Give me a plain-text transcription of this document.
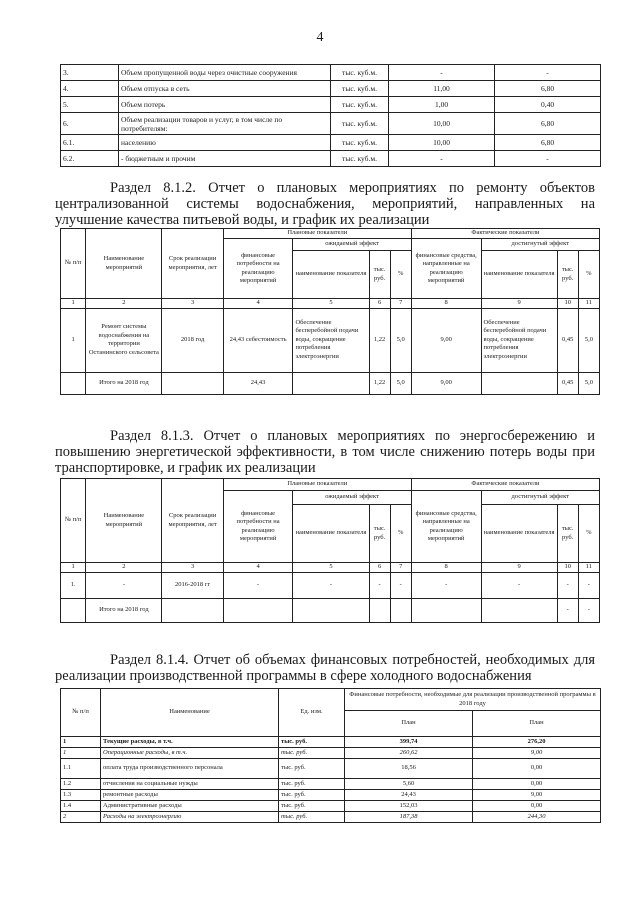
4
3.	Объем пропущенной воды через очистные сооружения	тыс. куб.м.	-	-
4.	Объем отпуска в сеть	тыс. куб.м.	11,00	6,80
5.	Объем потерь	тыс. куб.м.	1,00	0,40
6.	Объем реализации товаров и услуг, в том числе по потребителям:	тыс. куб.м.	10,00	6,80
6.1.	населению	тыс. куб.м.	10,00	6,80
6.2.	- бюджетным и прочим	тыс. куб.м.	-	-
Раздел 8.1.2. Отчет о плановых мероприятиях по ремонту объектов централизованной системы водоснабжения, мероприятий, направленных на улучшение качества питьевой воды, и график их реализации
№ п/п	Наименование мероприятий	Срок реализации мероприятия, лет	Плановые показатели				Фактические показатели			
			финансовые потребности на реализацию мероприятий	ожидаемый эффект			финансовые средства, направленные на реализацию мероприятий	достигнутый эффект		
				наименование показателя	тыс. руб.	%		наименование показателя	тыс. руб.	%
1	2	3	4	5	6	7	8	9	10	11
1	Ремонт системы водоснабжения на территории Останинского сельсовета	2018 год	24,43 себестоимость	Обеспечение бесперебойной подачи воды, сокращение потребления электроэнергии	1,22	5,0	9,00	Обеспечение бесперебойной подачи воды, сокращение потребления электроэнергии	0,45	5,0
	Итого на 2018 год		24,43		1,22	5,0	9,00		0,45	5,0
Раздел 8.1.3. Отчет о плановых мероприятиях по энергосбережению и повышению энергетической эффективности, в том числе снижению потерь воды при транспортировке, и график их реализации
№ п/п	Наименование мероприятий	Срок реализации мероприятия, лет	Плановые показатели				Фактические показатели			
			финансовые потребности на реализацию мероприятий	ожидаемый эффект			финансовые средства, направленные на реализацию мероприятий	достигнутый эффект		
				наименование показателя	тыс. руб.	%		наименование показателя	тыс. руб.	%
1	2	3	4	5	6	7	8	9	10	11
1.	-	2016-2018 гг	-	-	-	-	-	-	-	-
	Итого на 2018 год								-	-
Раздел 8.1.4. Отчет об объемах финансовых потребностей, необходимых для реализации производственной программы в сфере холодного водоснабжения
№ п/п	Наименование	Ед. изм.	Финансовые потребности, необходимые для реализации производственной программы в 2018 году	
			План	План
1	Текущие расходы, в т.ч.	тыс. руб.	399,74	276,20
1	Операционные расходы, в т.ч.	тыс. руб.	260,62	9,00
1.1	оплата труда производственного персонала	тыс. руб.	18,56	0,00
1.2	отчисления на социальные нужды	тыс. руб.	5,60	0,00
1.3	ремонтные расходы	тыс. руб.	24,43	9,00
1.4	Административные расходы	тыс. руб.	152,03	0,00
2	Расходы на электроэнергию	тыс. руб.	187,38	244,30
